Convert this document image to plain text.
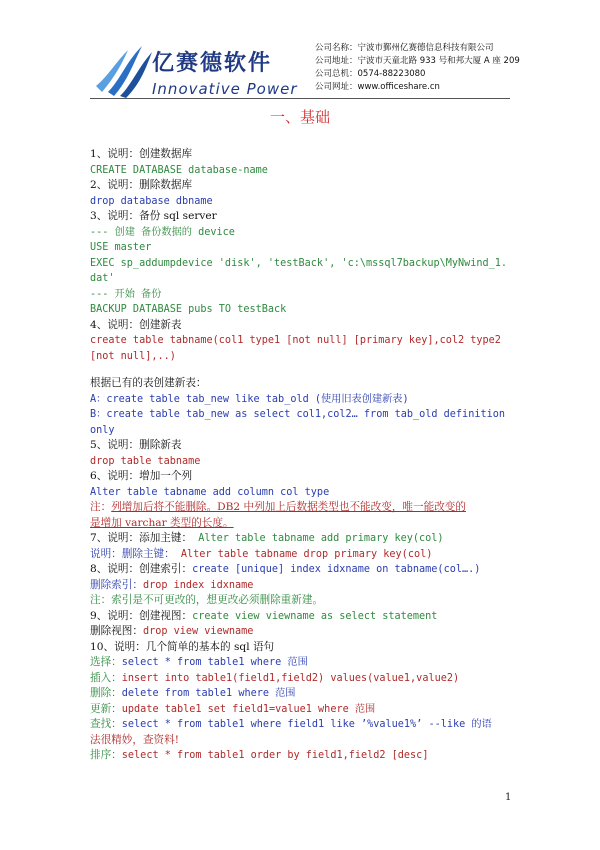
亿赛德软件
Innovative Power
公司名称：宁波市鄞州亿赛德信息科技有限公司
公司地址：宁波市天童北路 933 号和邦大厦 A 座 209
公司总机：0574-88223080
公司网址：www.officeshare.cn
一、基础
1、说明：创建数据库
CREATE DATABASE database-name
2、说明：删除数据库
drop database dbname
3、说明：备份 sql server
--- 创建 备份数据的 device
USE master
EXEC sp_addumpdevice 'disk', 'testBack', 'c:\mssql7backup\MyNwind_1.
dat'
--- 开始 备份
BACKUP DATABASE pubs TO testBack
4、说明：创建新表
create table tabname(col1 type1 [not null] [primary key],col2 type2
[not null],..)
根据已有的表创建新表：
A：create table tab_new like tab_old (使用旧表创建新表)
B：create table tab_new as select col1,col2… from tab_old definition
only
5、说明：删除新表
drop table tabname
6、说明：增加一个列
Alter table tabname add column col type
注：列增加后将不能删除。DB2 中列加上后数据类型也不能改变，唯一能改变的
是增加 varchar 类型的长度。
7、说明：添加主键： Alter table tabname add primary key(col)
说明：删除主键： Alter table tabname drop primary key(col)
8、说明：创建索引：create [unique] index idxname on tabname(col….)
删除索引：drop index idxname
注：索引是不可更改的，想更改必须删除重新建。
9、说明：创建视图：create view viewname as select statement
删除视图：drop view viewname
10、说明：几个简单的基本的 sql 语句
选择：select * from table1 where 范围
插入：insert into table1(field1,field2) values(value1,value2)
删除：delete from table1 where 范围
更新：update table1 set field1=value1 where 范围
查找：select * from table1 where field1 like ’%value1%’ --like 的语
法很精妙，查资料!
排序：select * from table1 order by field1,field2 [desc]
1
